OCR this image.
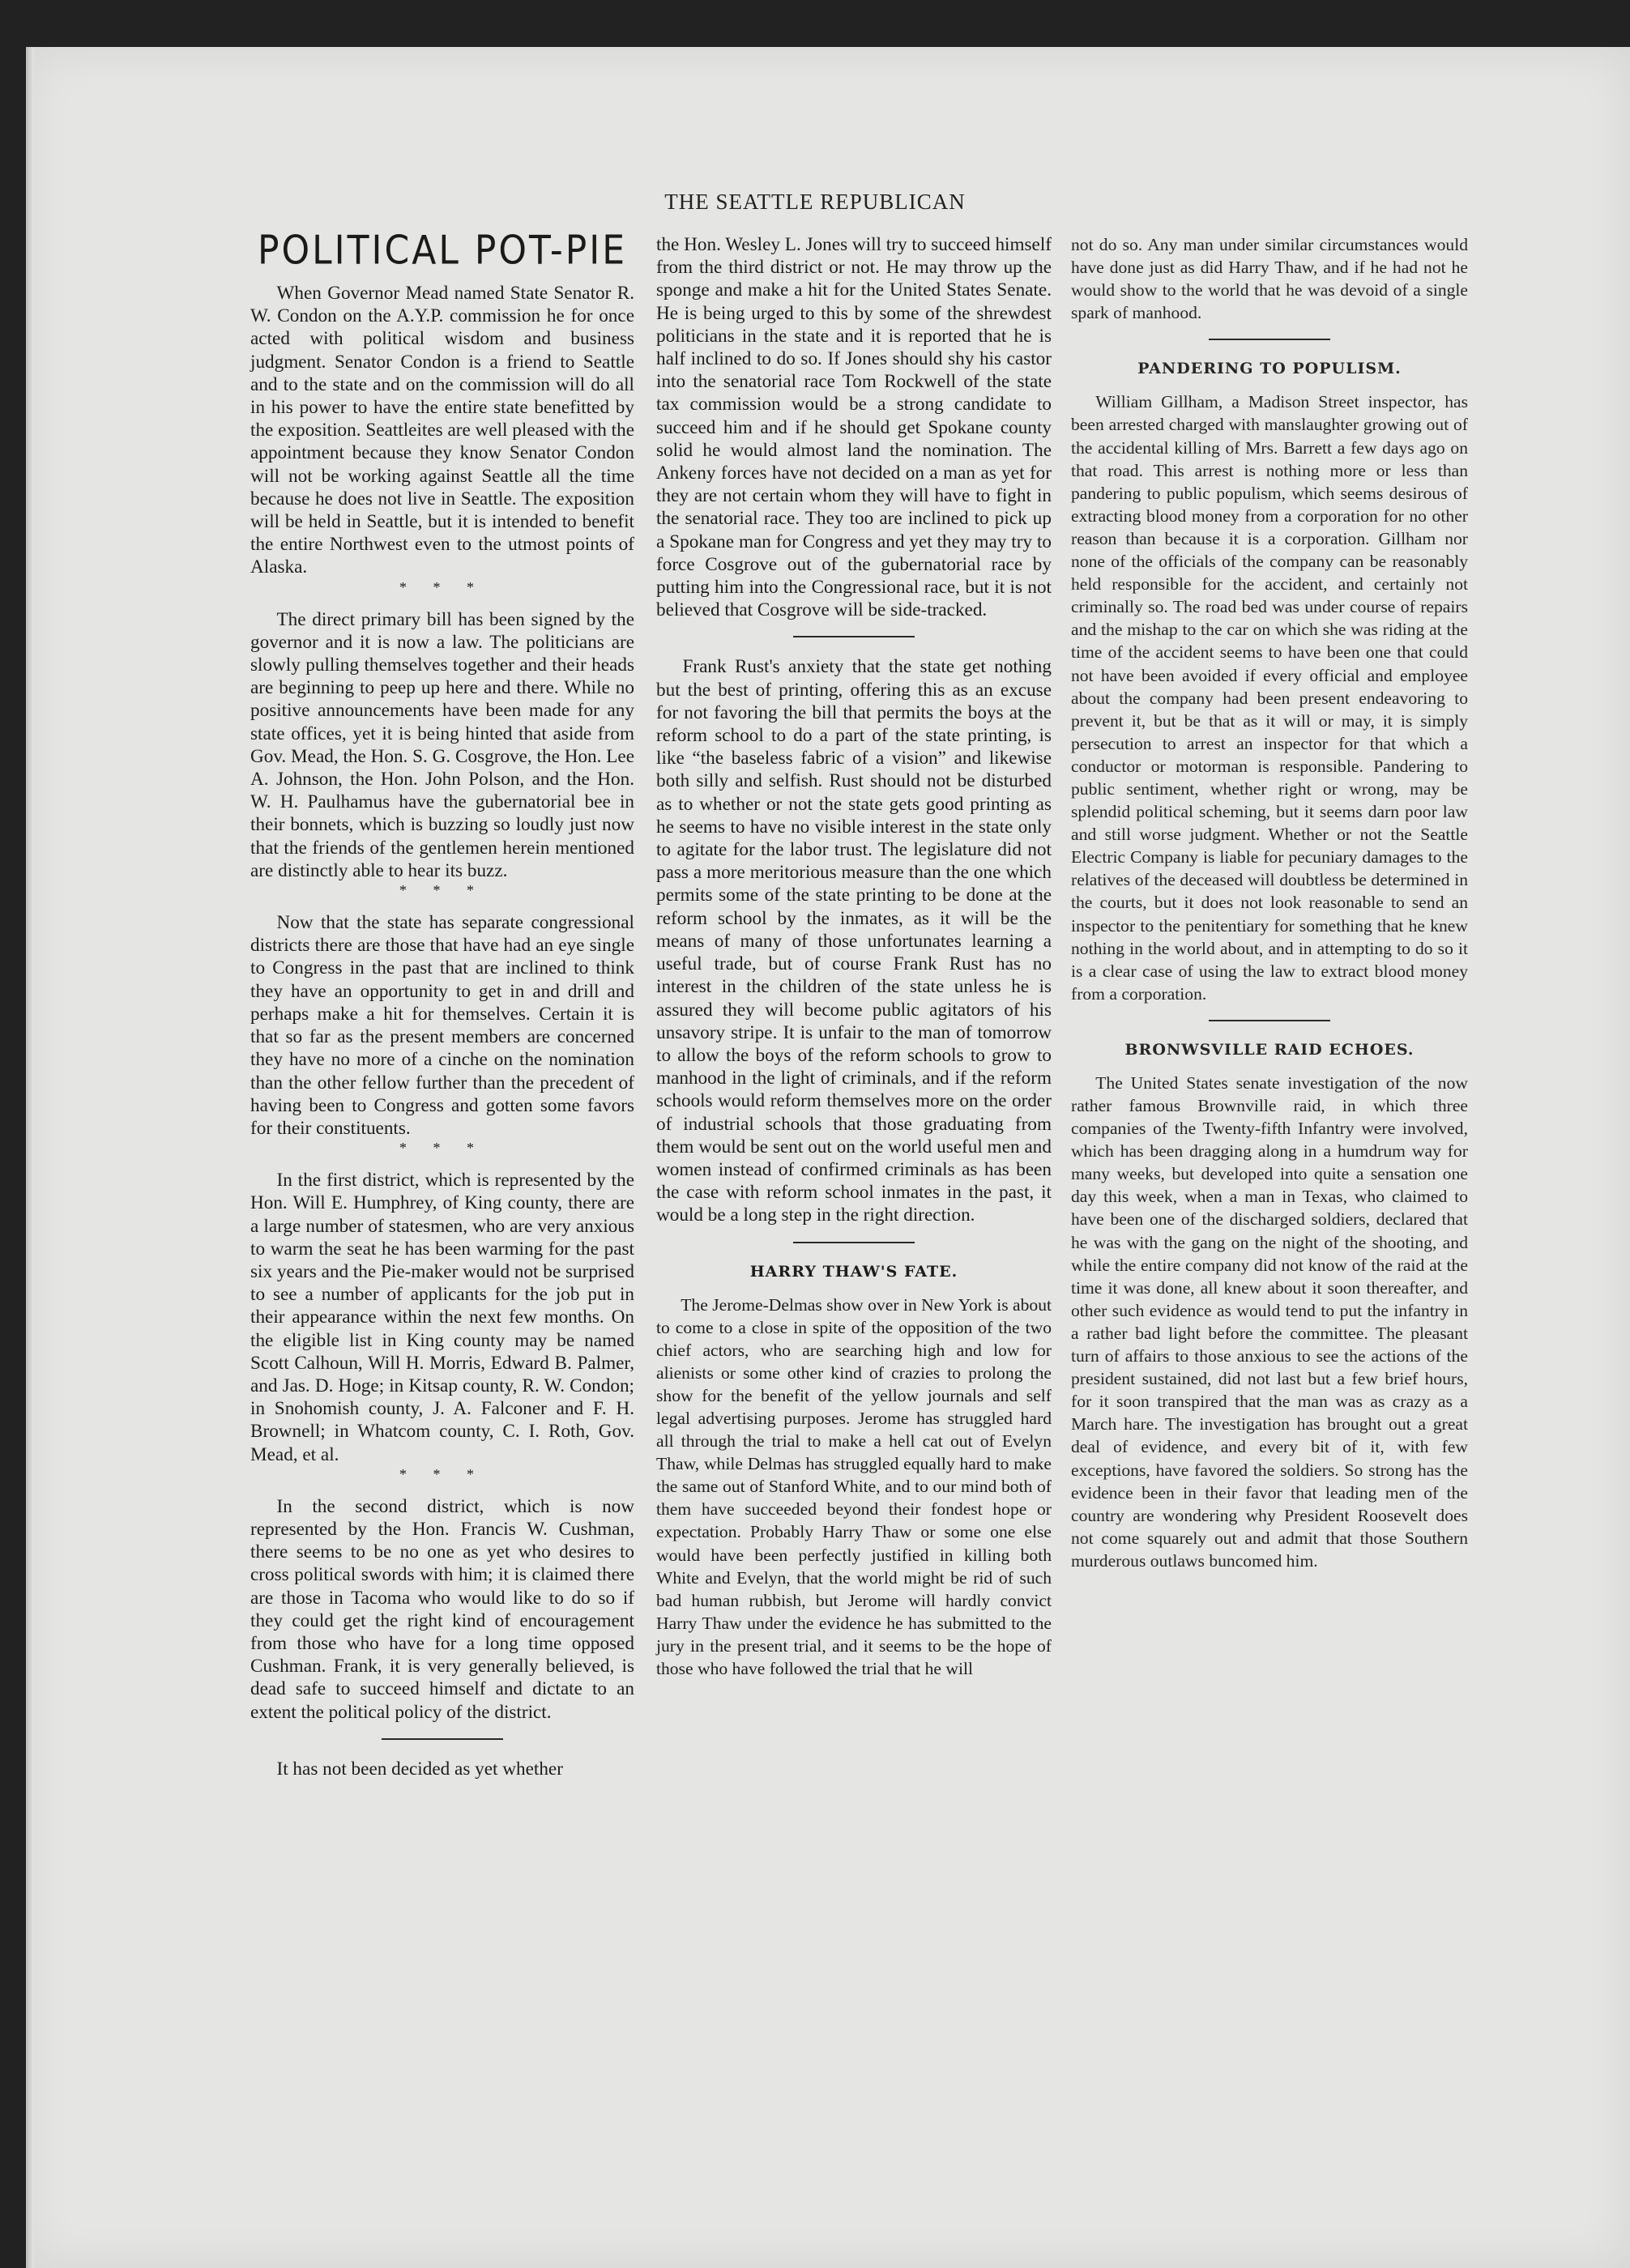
THE SEATTLE REPUBLICAN
POLITICAL POT-PIE

When Governor Mead named State Senator R. W. Condon on the A.Y.P. commission he for once acted with political wisdom and business judgment. Senator Condon is a friend to Seattle and to the state and on the commission will do all in his power to have the entire state benefitted by the exposition. Seattleites are well pleased with the appointment because they know Senator Condon will not be working against Seattle all the time because he does not live in Seattle. The exposition will be held in Seattle, but it is intended to benefit the entire Northwest even to the utmost points of Alaska.

* * *

The direct primary bill has been signed by the governor and it is now a law. The politicians are slowly pulling themselves together and their heads are beginning to peep up here and there. While no positive announcements have been made for any state offices, yet it is being hinted that aside from Gov. Mead, the Hon. S. G. Cosgrove, the Hon. Lee A. Johnson, the Hon. John Polson, and the Hon. W. H. Paulhamus have the gubernatorial bee in their bonnets, which is buzzing so loudly just now that the friends of the gentlemen herein mentioned are distinctly able to hear its buzz.

* * *

Now that the state has separate congressional districts there are those that have had an eye single to Congress in the past that are inclined to think they have an opportunity to get in and drill and perhaps make a hit for themselves. Certain it is that so far as the present members are concerned they have no more of a cinche on the nomination than the other fellow further than the precedent of having been to Congress and gotten some favors for their constituents.

* * *

In the first district, which is represented by the Hon. Will E. Humphrey, of King county, there are a large number of statesmen, who are very anxious to warm the seat he has been warming for the past six years and the Pie-maker would not be surprised to see a number of applicants for the job put in their appearance within the next few months. On the eligible list in King county may be named Scott Calhoun, Will H. Morris, Edward B. Palmer, and Jas. D. Hoge; in Kitsap county, R. W. Condon; in Snohomish county, J. A. Falconer and F. H. Brownell; in Whatcom county, C. I. Roth, Gov. Mead, et al.

* * *

In the second district, which is now represented by the Hon. Francis W. Cushman, there seems to be no one as yet who desires to cross political swords with him; it is claimed there are those in Tacoma who would like to do so if they could get the right kind of encouragement from those who have for a long time opposed Cushman. Frank, it is very generally believed, is dead safe to succeed himself and dictate to an extent the political policy of the district.

It has not been decided as yet whether

the Hon. Wesley L. Jones will try to succeed himself from the third district or not. He may throw up the sponge and make a hit for the United States Senate. He is being urged to this by some of the shrewdest politicians in the state and it is reported that he is half inclined to do so. If Jones should shy his castor into the senatorial race Tom Rockwell of the state tax commission would be a strong candidate to succeed him and if he should get Spokane county solid he would almost land the nomination. The Ankeny forces have not decided on a man as yet for they are not certain whom they will have to fight in the senatorial race. They too are inclined to pick up a Spokane man for Congress and yet they may try to force Cosgrove out of the gubernatorial race by putting him into the Congressional race, but it is not believed that Cosgrove will be side-tracked.

Frank Rust's anxiety that the state get nothing but the best of printing, offering this as an excuse for not favoring the bill that permits the boys at the reform school to do a part of the state printing, is like “the baseless fabric of a vision” and likewise both silly and selfish. Rust should not be disturbed as to whether or not the state gets good printing as he seems to have no visible interest in the state only to agitate for the labor trust. The legislature did not pass a more meritorious measure than the one which permits some of the state printing to be done at the reform school by the inmates, as it will be the means of many of those unfortunates learning a useful trade, but of course Frank Rust has no interest in the children of the state unless he is assured they will become public agitators of his unsavory stripe. It is unfair to the man of tomorrow to allow the boys of the reform schools to grow to manhood in the light of criminals, and if the reform schools would reform themselves more on the order of industrial schools that those graduating from them would be sent out on the world useful men and women instead of confirmed criminals as has been the case with reform school inmates in the past, it would be a long step in the right direction.

HARRY THAW'S FATE.

The Jerome-Delmas show over in New York is about to come to a close in spite of the opposition of the two chief actors, who are searching high and low for alienists or some other kind of crazies to prolong the show for the benefit of the yellow journals and self legal advertising purposes. Jerome has struggled hard all through the trial to make a hell cat out of Evelyn Thaw, while Delmas has struggled equally hard to make the same out of Stanford White, and to our mind both of them have succeeded beyond their fondest hope or expectation. Probably Harry Thaw or some one else would have been perfectly justified in killing both White and Evelyn, that the world might be rid of such bad human rubbish, but Jerome will hardly convict Harry Thaw under the evidence he has submitted to the jury in the present trial, and it seems to be the hope of those who have followed the trial that he will

not do so. Any man under similar circumstances would have done just as did Harry Thaw, and if he had not he would show to the world that he was devoid of a single spark of manhood.

PANDERING TO POPULISM.

William Gillham, a Madison Street inspector, has been arrested charged with manslaughter growing out of the accidental killing of Mrs. Barrett a few days ago on that road. This arrest is nothing more or less than pandering to public populism, which seems desirous of extracting blood money from a corporation for no other reason than because it is a corporation. Gillham nor none of the officials of the company can be reasonably held responsible for the accident, and certainly not criminally so. The road bed was under course of repairs and the mishap to the car on which she was riding at the time of the accident seems to have been one that could not have been avoided if every official and employee about the company had been present endeavoring to prevent it, but be that as it will or may, it is simply persecution to arrest an inspector for that which a conductor or motorman is responsible. Pandering to public sentiment, whether right or wrong, may be splendid political scheming, but it seems darn poor law and still worse judgment. Whether or not the Seattle Electric Company is liable for pecuniary damages to the relatives of the deceased will doubtless be determined in the courts, but it does not look reasonable to send an inspector to the penitentiary for something that he knew nothing in the world about, and in attempting to do so it is a clear case of using the law to extract blood money from a corporation.

BRONWSVILLE RAID ECHOES.

The United States senate investigation of the now rather famous Brownville raid, in which three companies of the Twenty-fifth Infantry were involved, which has been dragging along in a humdrum way for many weeks, but developed into quite a sensation one day this week, when a man in Texas, who claimed to have been one of the discharged soldiers, declared that he was with the gang on the night of the shooting, and while the entire company did not know of the raid at the time it was done, all knew about it soon thereafter, and other such evidence as would tend to put the infantry in a rather bad light before the committee. The pleasant turn of affairs to those anxious to see the actions of the president sustained, did not last but a few brief hours, for it soon transpired that the man was as crazy as a March hare. The investigation has brought out a great deal of evidence, and every bit of it, with few exceptions, have favored the soldiers. So strong has the evidence been in their favor that leading men of the country are wondering why President Roosevelt does not come squarely out and admit that those Southern murderous outlaws buncomed him.
